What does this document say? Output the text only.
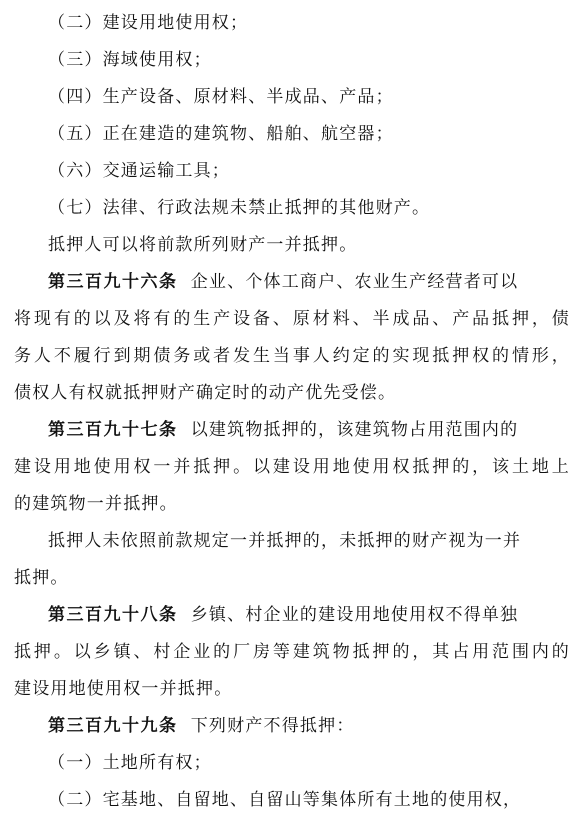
（二）建设用地使用权；
（三）海域使用权；
（四）生产设备、原材料、半成品、产品；
（五）正在建造的建筑物、船舶、航空器；
（六）交通运输工具；
（七）法律、行政法规未禁止抵押的其他财产。
抵押人可以将前款所列财产一并抵押。
第三百九十六条 企业、个体工商户、农业生产经营者可以
将现有的以及将有的生产设备、原材料、半成品、产品抵押，债
务人不履行到期债务或者发生当事人约定的实现抵押权的情形，
债权人有权就抵押财产确定时的动产优先受偿。
第三百九十七条 以建筑物抵押的，该建筑物占用范围内的
建设用地使用权一并抵押。以建设用地使用权抵押的，该土地上
的建筑物一并抵押。
抵押人未依照前款规定一并抵押的，未抵押的财产视为一并
抵押。
第三百九十八条 乡镇、村企业的建设用地使用权不得单独
抵押。以乡镇、村企业的厂房等建筑物抵押的，其占用范围内的
建设用地使用权一并抵押。
第三百九十九条 下列财产不得抵押：
（一）土地所有权；
（二）宅基地、自留地、自留山等集体所有土地的使用权，
